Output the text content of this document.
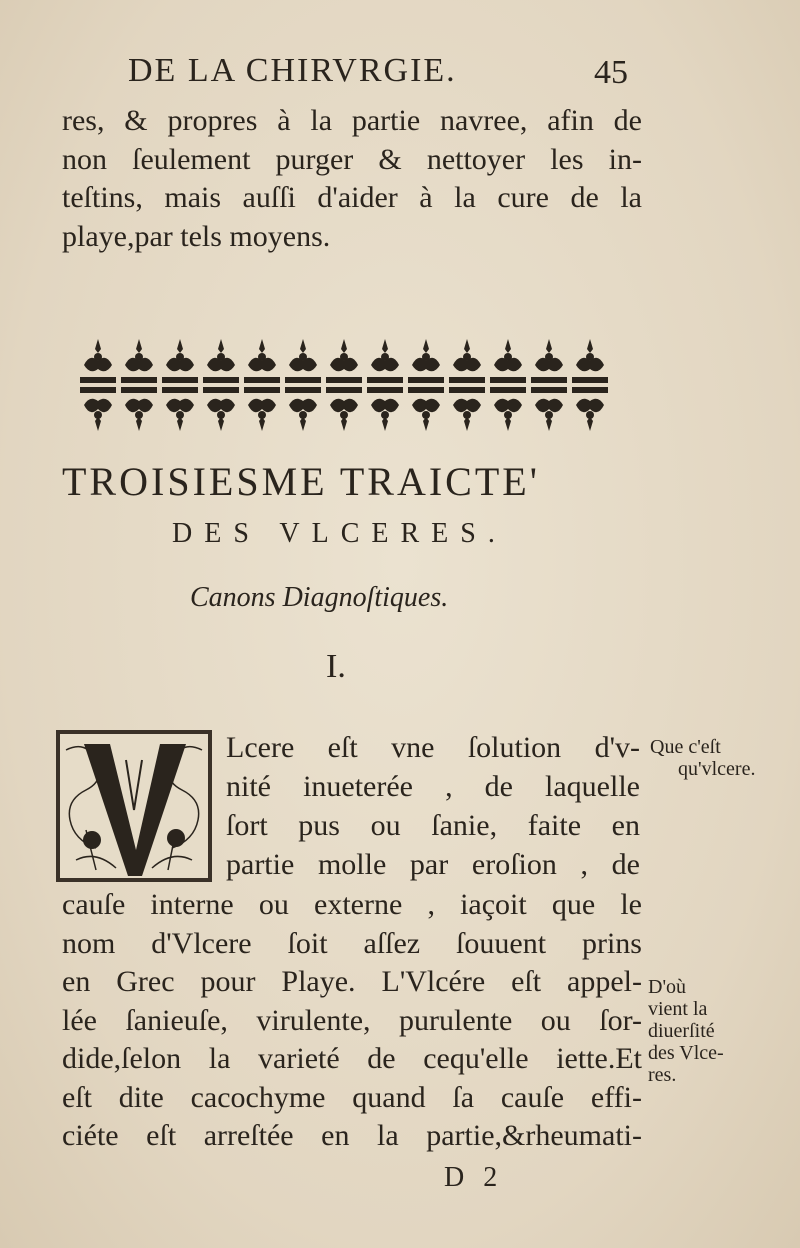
DE LA CHIRVRGIE.	45
res, & propres à la partie navree, afin de
non ſeulement purger & nettoyer les in-
teſtins, mais auſſi d'aider à la cure de la
playe,par tels moyens.
TROISIESME TRAICTE'
DES VLCERES.
Canons Diagnoſtiques.
I.
Lcere eſt vne ſolution d'v-
nité inueterée , de laquelle
ſort pus ou ſanie, faite en
partie molle par eroſion , de
cauſe interne ou externe , iaçoit que le
nom d'Vlcere ſoit aſſez ſouuent prins
en Grec pour Playe. L'Vlcére eſt appel-
lée ſanieuſe, virulente, purulente ou ſor-
dide,ſelon la varieté de cequ'elle iette.Et
eſt dite cacochyme quand ſa cauſe effi-
ciéte eſt arreſtée en la partie,&rheumati-
Que c'eſt
qu'vlcere.
D'où
vient la
diuerſité
des Vlce-
res.
D 2
